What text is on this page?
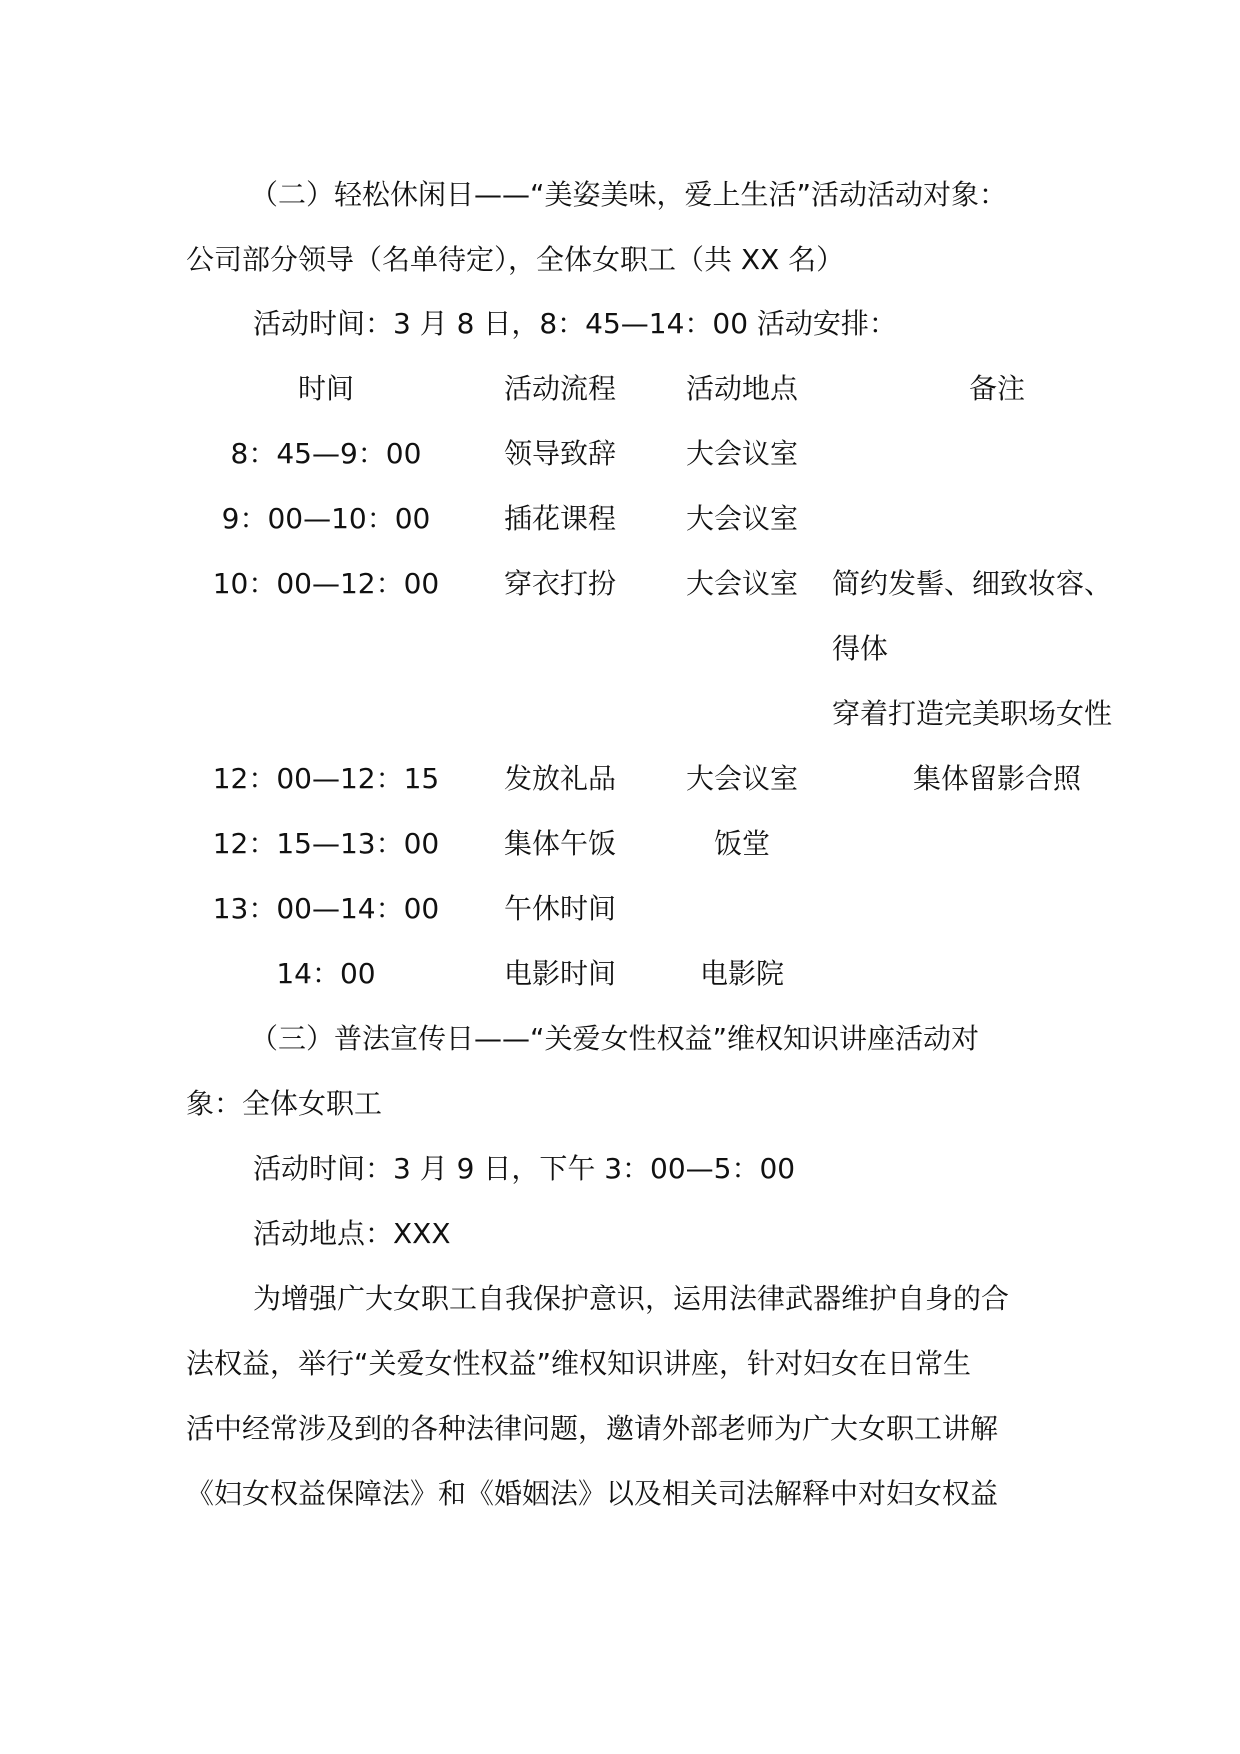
（二）轻松休闲日——“美姿美味，爱上生活”活动活动对象：
公司部分领导（名单待定），全体女职工（共 XX 名）
活动时间：3 月 8 日，8：45—14：00 活动安排：
时间	活动流程	活动地点	备注
8：45—9：00	领导致辞	大会议室
9：00—10：00	插花课程	大会议室
10：00—12：00	穿衣打扮	大会议室	简约发髻、细致妆容、
得体
穿着打造完美职场女性
12：00—12：15	发放礼品	大会议室	集体留影合照
12：15—13：00	集体午饭	饭堂
13：00—14：00	午休时间
14：00	电影时间	电影院
（三）普法宣传日——“关爱女性权益”维权知识讲座活动对
象：全体女职工
活动时间：3 月 9 日，下午 3：00—5：00
活动地点：XXX
为增强广大女职工自我保护意识，运用法律武器维护自身的合
法权益，举行“关爱女性权益”维权知识讲座，针对妇女在日常生
活中经常涉及到的各种法律问题，邀请外部老师为广大女职工讲解
《妇女权益保障法》和《婚姻法》以及相关司法解释中对妇女权益
